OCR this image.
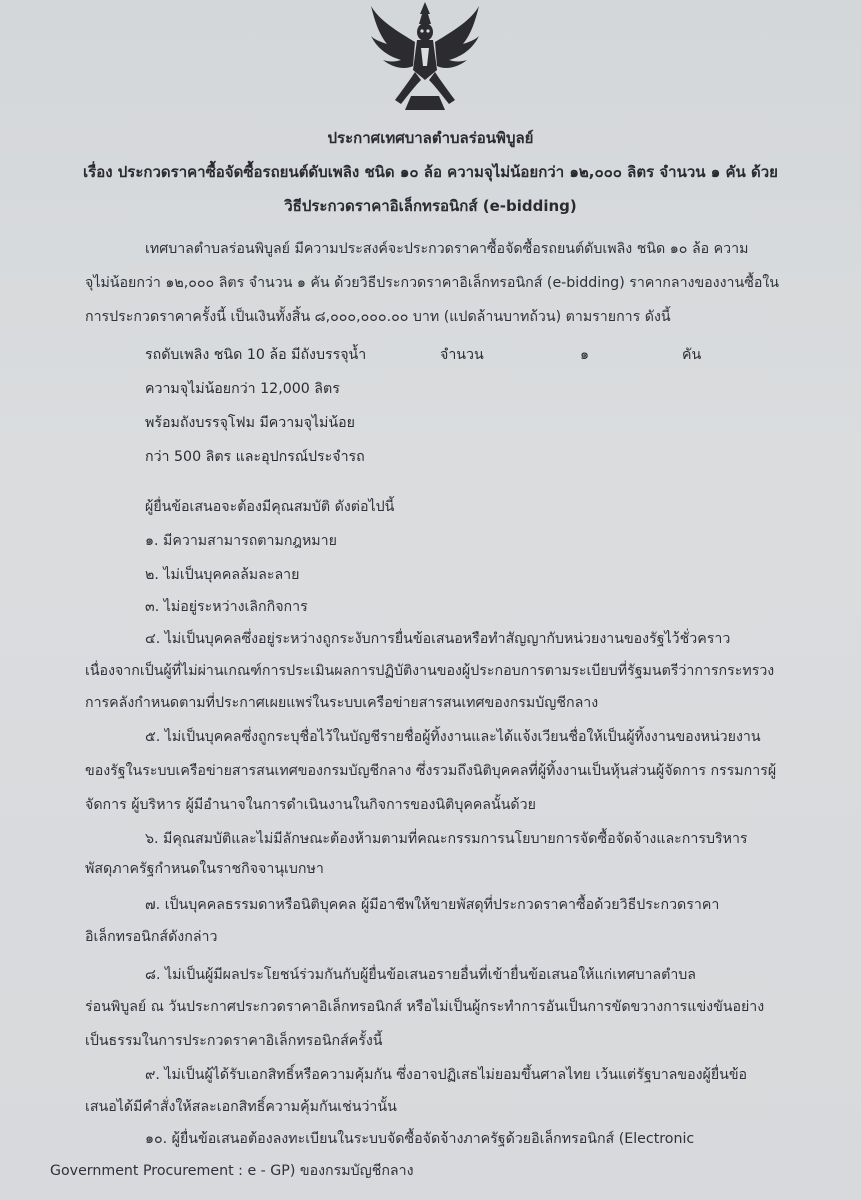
ประกาศเทศบาลตำบลร่อนพิบูลย์
เรื่อง ประกวดราคาซื้อจัดซื้อรถยนต์ดับเพลิง ชนิด ๑๐ ล้อ ความจุไม่น้อยกว่า ๑๒,๐๐๐ ลิตร จำนวน ๑ คัน ด้วย
วิธีประกวดราคาอิเล็กทรอนิกส์ (e-bidding)
เทศบาลตำบลร่อนพิบูลย์ มีความประสงค์จะประกวดราคาซื้อจัดซื้อรถยนต์ดับเพลิง ชนิด ๑๐ ล้อ ความ
จุไม่น้อยกว่า ๑๒,๐๐๐ ลิตร จำนวน ๑ คัน ด้วยวิธีประกวดราคาอิเล็กทรอนิกส์ (e-bidding) ราคากลางของงานซื้อใน
การประกวดราคาครั้งนี้ เป็นเงินทั้งสิ้น ๘,๐๐๐,๐๐๐.๐๐ บาท (แปดล้านบาทถ้วน) ตามรายการ ดังนี้
รถดับเพลิง ชนิด 10 ล้อ มีถังบรรจุน้ำ	จำนวน	๑	คัน
ความจุไม่น้อยกว่า 12,000 ลิตร
พร้อมถังบรรจุโฟม มีความจุไม่น้อย
กว่า 500 ลิตร และอุปกรณ์ประจำรถ
ผู้ยื่นข้อเสนอจะต้องมีคุณสมบัติ ดังต่อไปนี้
๑. มีความสามารถตามกฎหมาย
๒. ไม่เป็นบุคคลล้มละลาย
๓. ไม่อยู่ระหว่างเลิกกิจการ
๔. ไม่เป็นบุคคลซึ่งอยู่ระหว่างถูกระงับการยื่นข้อเสนอหรือทำสัญญากับหน่วยงานของรัฐไว้ชั่วคราว
เนื่องจากเป็นผู้ที่ไม่ผ่านเกณฑ์การประเมินผลการปฏิบัติงานของผู้ประกอบการตามระเบียบที่รัฐมนตรีว่าการกระทรวง
การคลังกำหนดตามที่ประกาศเผยแพร่ในระบบเครือข่ายสารสนเทศของกรมบัญชีกลาง
๕. ไม่เป็นบุคคลซึ่งถูกระบุชื่อไว้ในบัญชีรายชื่อผู้ทิ้งงานและได้แจ้งเวียนชื่อให้เป็นผู้ทิ้งงานของหน่วยงาน
ของรัฐในระบบเครือข่ายสารสนเทศของกรมบัญชีกลาง ซึ่งรวมถึงนิติบุคคลที่ผู้ทิ้งงานเป็นหุ้นส่วนผู้จัดการ กรรมการผู้
จัดการ ผู้บริหาร ผู้มีอำนาจในการดำเนินงานในกิจการของนิติบุคคลนั้นด้วย
๖. มีคุณสมบัติและไม่มีลักษณะต้องห้ามตามที่คณะกรรมการนโยบายการจัดซื้อจัดจ้างและการบริหาร
พัสดุภาครัฐกำหนดในราชกิจจานุเบกษา
๗. เป็นบุคคลธรรมดาหรือนิติบุคคล ผู้มีอาชีพให้ขายพัสดุที่ประกวดราคาซื้อด้วยวิธีประกวดราคา
อิเล็กทรอนิกส์ดังกล่าว
๘. ไม่เป็นผู้มีผลประโยชน์ร่วมกันกับผู้ยื่นข้อเสนอรายอื่นที่เข้ายื่นข้อเสนอให้แก่เทศบาลตำบล
ร่อนพิบูลย์ ณ วันประกาศประกวดราคาอิเล็กทรอนิกส์ หรือไม่เป็นผู้กระทำการอันเป็นการขัดขวางการแข่งขันอย่าง
เป็นธรรมในการประกวดราคาอิเล็กทรอนิกส์ครั้งนี้
๙. ไม่เป็นผู้ได้รับเอกสิทธิ์หรือความคุ้มกัน ซึ่งอาจปฏิเสธไม่ยอมขึ้นศาลไทย เว้นแต่รัฐบาลของผู้ยื่นข้อ
เสนอได้มีคำสั่งให้สละเอกสิทธิ์ความคุ้มกันเช่นว่านั้น
๑๐. ผู้ยื่นข้อเสนอต้องลงทะเบียนในระบบจัดซื้อจัดจ้างภาครัฐด้วยอิเล็กทรอนิกส์ (Electronic
Government Procurement : e - GP) ของกรมบัญชีกลาง
